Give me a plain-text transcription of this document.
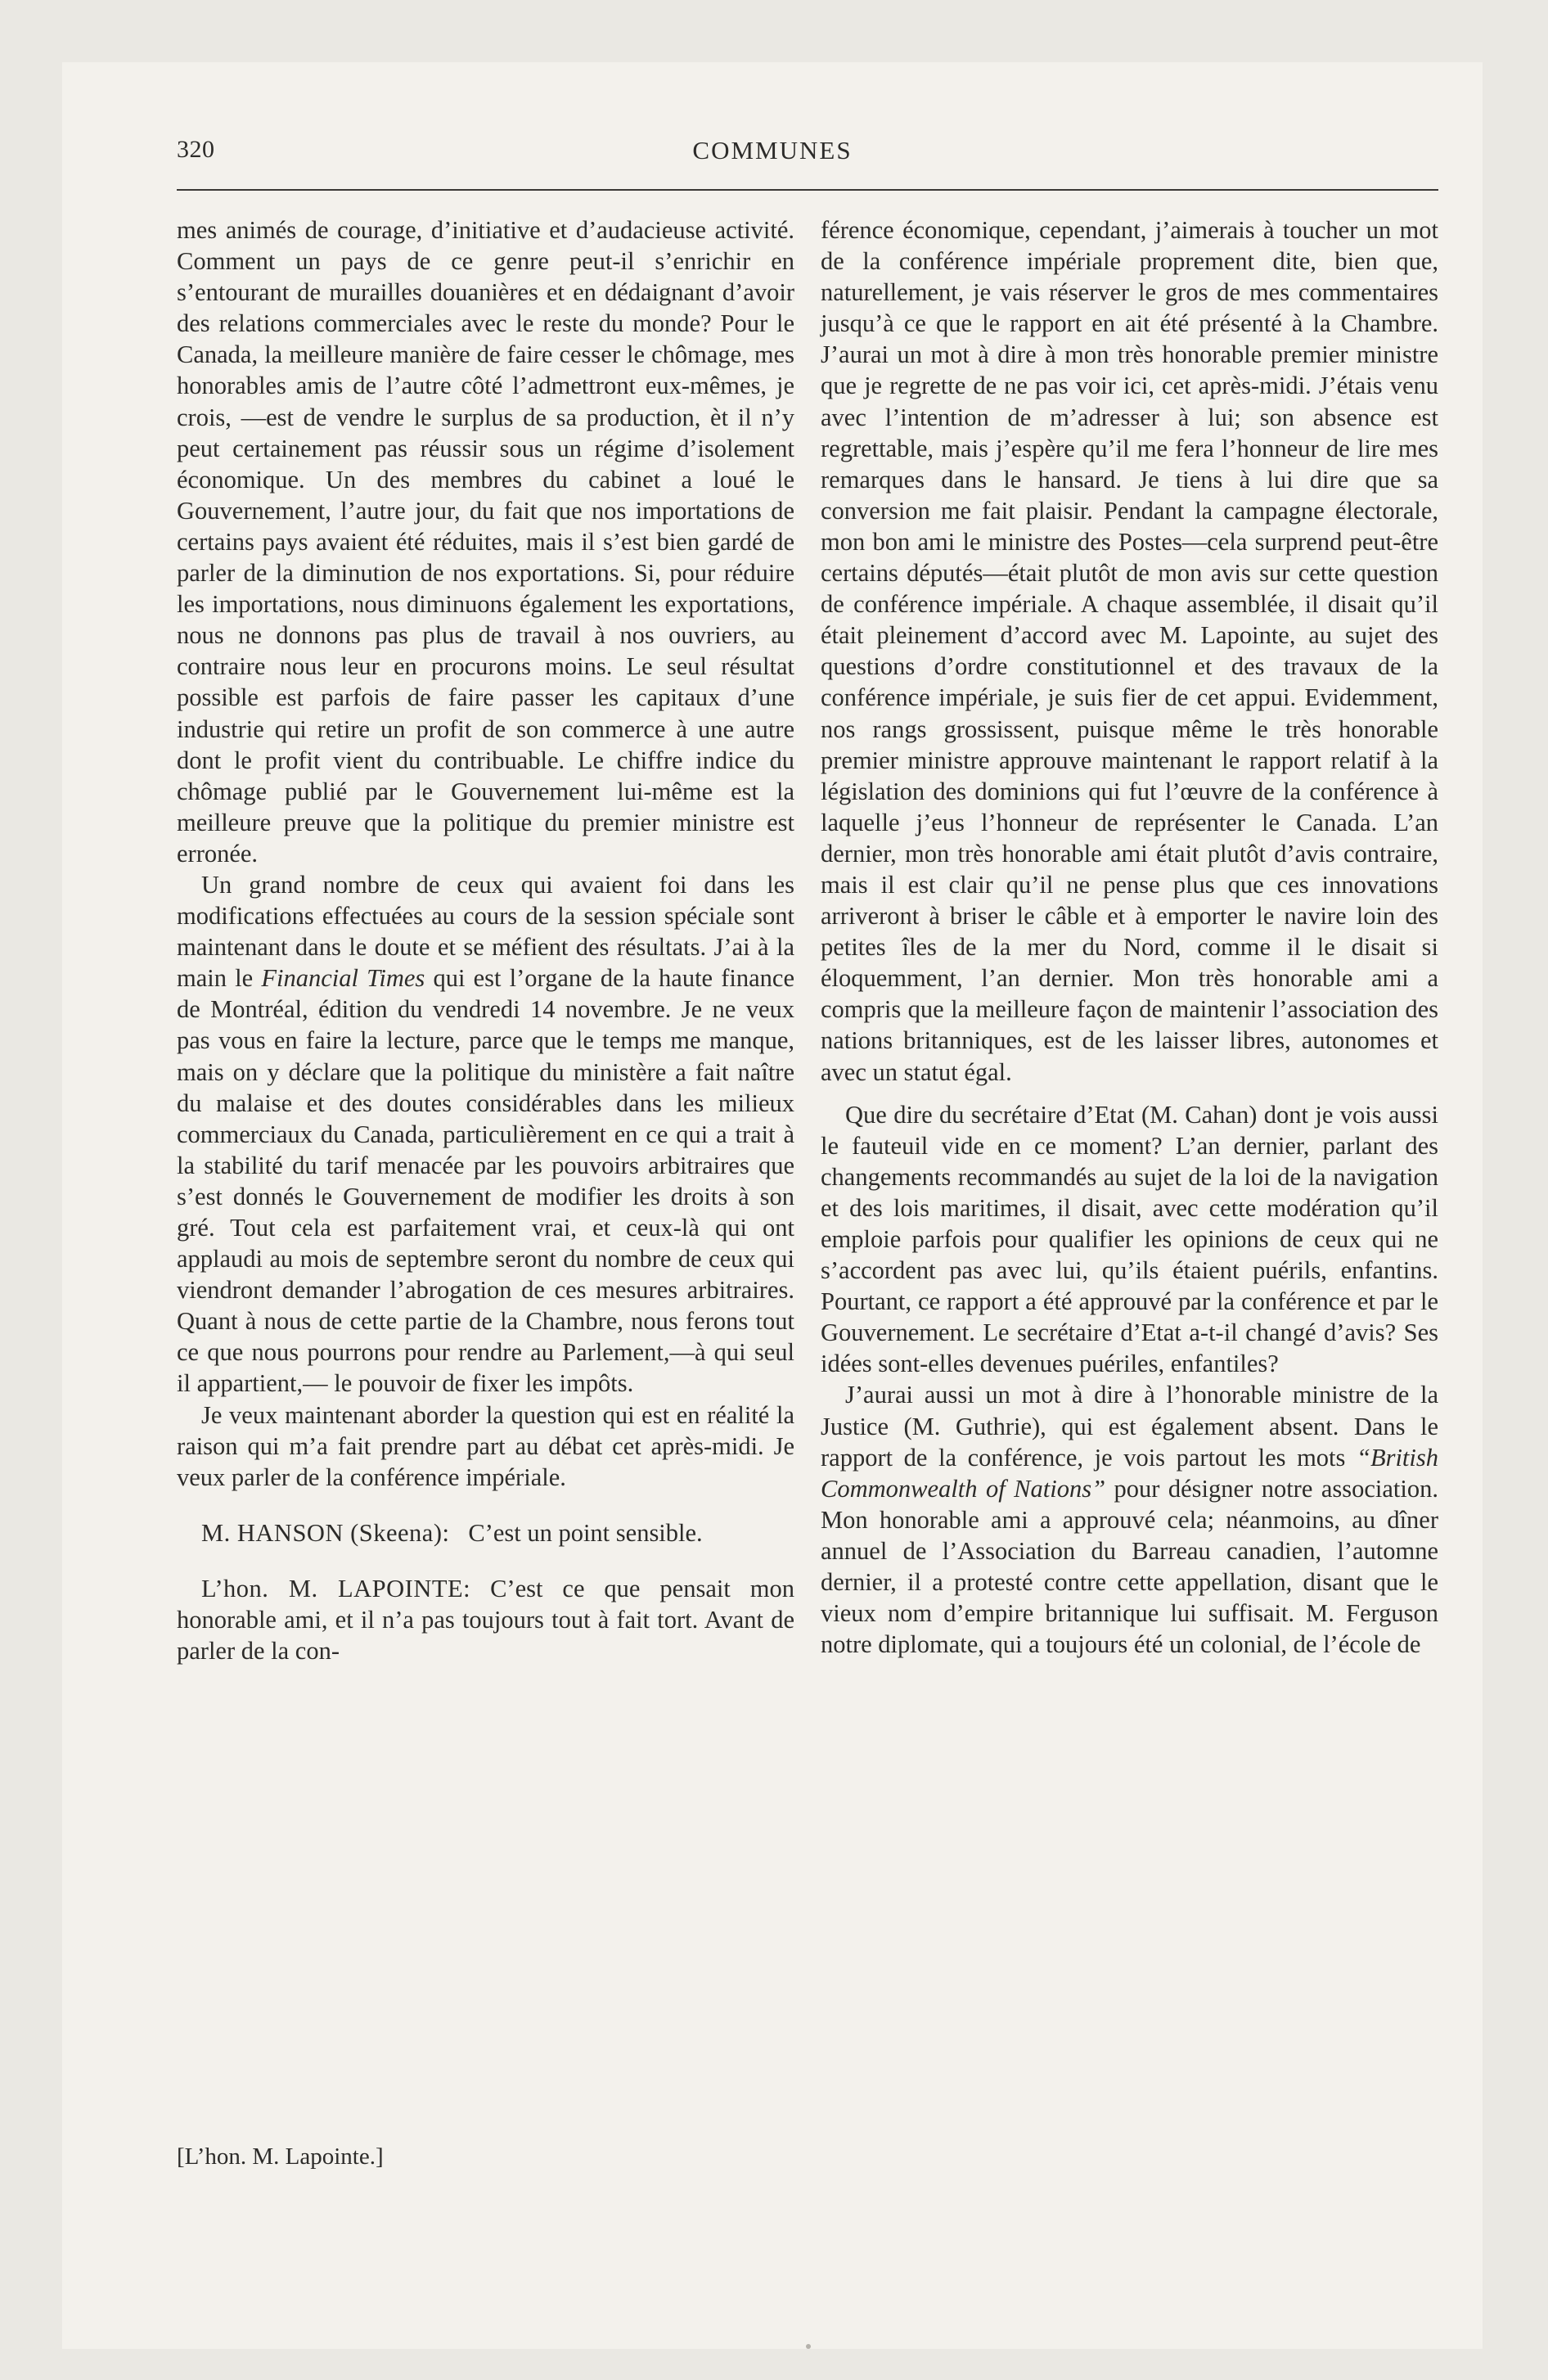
320	COMMUNES

mes animés de courage, d’initiative et d’audacieuse activité. Comment un pays de ce genre peut-il s’enrichir en s’entourant de murailles douanières et en dédaignant d’avoir des relations commerciales avec le reste du monde? Pour le Canada, la meilleure manière de faire cesser le chômage, mes honorables amis de l’autre côté l’admettront eux-mêmes, je crois, —est de vendre le surplus de sa production, èt il n’y peut certainement pas réussir sous un régime d’isolement économique. Un des membres du cabinet a loué le Gouvernement, l’autre jour, du fait que nos importations de certains pays avaient été réduites, mais il s’est bien gardé de parler de la diminution de nos exportations. Si, pour réduire les importations, nous diminuons également les exportations, nous ne donnons pas plus de travail à nos ouvriers, au contraire nous leur en procurons moins. Le seul résultat possible est parfois de faire passer les capitaux d’une industrie qui retire un profit de son commerce à une autre dont le profit vient du contribuable. Le chiffre indice du chômage publié par le Gouvernement lui-même est la meilleure preuve que la politique du premier ministre est erronée.

Un grand nombre de ceux qui avaient foi dans les modifications effectuées au cours de la session spéciale sont maintenant dans le doute et se méfient des résultats. J’ai à la main le Financial Times qui est l’organe de la haute finance de Montréal, édition du vendredi 14 novembre. Je ne veux pas vous en faire la lecture, parce que le temps me manque, mais on y déclare que la politique du ministère a fait naître du malaise et des doutes considérables dans les milieux commerciaux du Canada, particulièrement en ce qui a trait à la stabilité du tarif menacée par les pouvoirs arbitraires que s’est donnés le Gouvernement de modifier les droits à son gré. Tout cela est parfaitement vrai, et ceux-là qui ont applaudi au mois de septembre seront du nombre de ceux qui viendront demander l’abrogation de ces mesures arbitraires. Quant à nous de cette partie de la Chambre, nous ferons tout ce que nous pourrons pour rendre au Parlement,—à qui seul il appartient,— le pouvoir de fixer les impôts.

Je veux maintenant aborder la question qui est en réalité la raison qui m’a fait prendre part au débat cet après-midi. Je veux parler de la conférence impériale.

M. HANSON (Skeena): C’est un point sensible.

L’hon. M. LAPOINTE: C’est ce que pensait mon honorable ami, et il n’a pas toujours tout à fait tort. Avant de parler de la con-

[L’hon. M. Lapointe.]

férence économique, cependant, j’aimerais à toucher un mot de la conférence impériale proprement dite, bien que, naturellement, je vais réserver le gros de mes commentaires jusqu’à ce que le rapport en ait été présenté à la Chambre. J’aurai un mot à dire à mon très honorable premier ministre que je regrette de ne pas voir ici, cet après-midi. J’étais venu avec l’intention de m’adresser à lui; son absence est regrettable, mais j’espère qu’il me fera l’honneur de lire mes remarques dans le hansard. Je tiens à lui dire que sa conversion me fait plaisir. Pendant la campagne électorale, mon bon ami le ministre des Postes—cela surprend peut-être certains députés—était plutôt de mon avis sur cette question de conférence impériale. A chaque assemblée, il disait qu’il était pleinement d’accord avec M. Lapointe, au sujet des questions d’ordre constitutionnel et des travaux de la conférence impériale, je suis fier de cet appui. Evidemment, nos rangs grossissent, puisque même le très honorable premier ministre approuve maintenant le rapport relatif à la législation des dominions qui fut l’œuvre de la conférence à laquelle j’eus l’honneur de représenter le Canada. L’an dernier, mon très honorable ami était plutôt d’avis contraire, mais il est clair qu’il ne pense plus que ces innovations arriveront à briser le câble et à emporter le navire loin des petites îles de la mer du Nord, comme il le disait si éloquemment, l’an dernier. Mon très honorable ami a compris que la meilleure façon de maintenir l’association des nations britanniques, est de les laisser libres, autonomes et avec un statut égal.

Que dire du secrétaire d’Etat (M. Cahan) dont je vois aussi le fauteuil vide en ce moment? L’an dernier, parlant des changements recommandés au sujet de la loi de la navigation et des lois maritimes, il disait, avec cette modération qu’il emploie parfois pour qualifier les opinions de ceux qui ne s’accordent pas avec lui, qu’ils étaient puérils, enfantins. Pourtant, ce rapport a été approuvé par la conférence et par le Gouvernement. Le secrétaire d’Etat a-t-il changé d’avis? Ses idées sont-elles devenues puériles, enfantiles?

J’aurai aussi un mot à dire à l’honorable ministre de la Justice (M. Guthrie), qui est également absent. Dans le rapport de la conférence, je vois partout les mots “British Commonwealth of Nations” pour désigner notre association. Mon honorable ami a approuvé cela; néanmoins, au dîner annuel de l’Association du Barreau canadien, l’automne dernier, il a protesté contre cette appellation, disant que le vieux nom d’empire britannique lui suffisait. M. Ferguson notre diplomate, qui a toujours été un colonial, de l’école de
